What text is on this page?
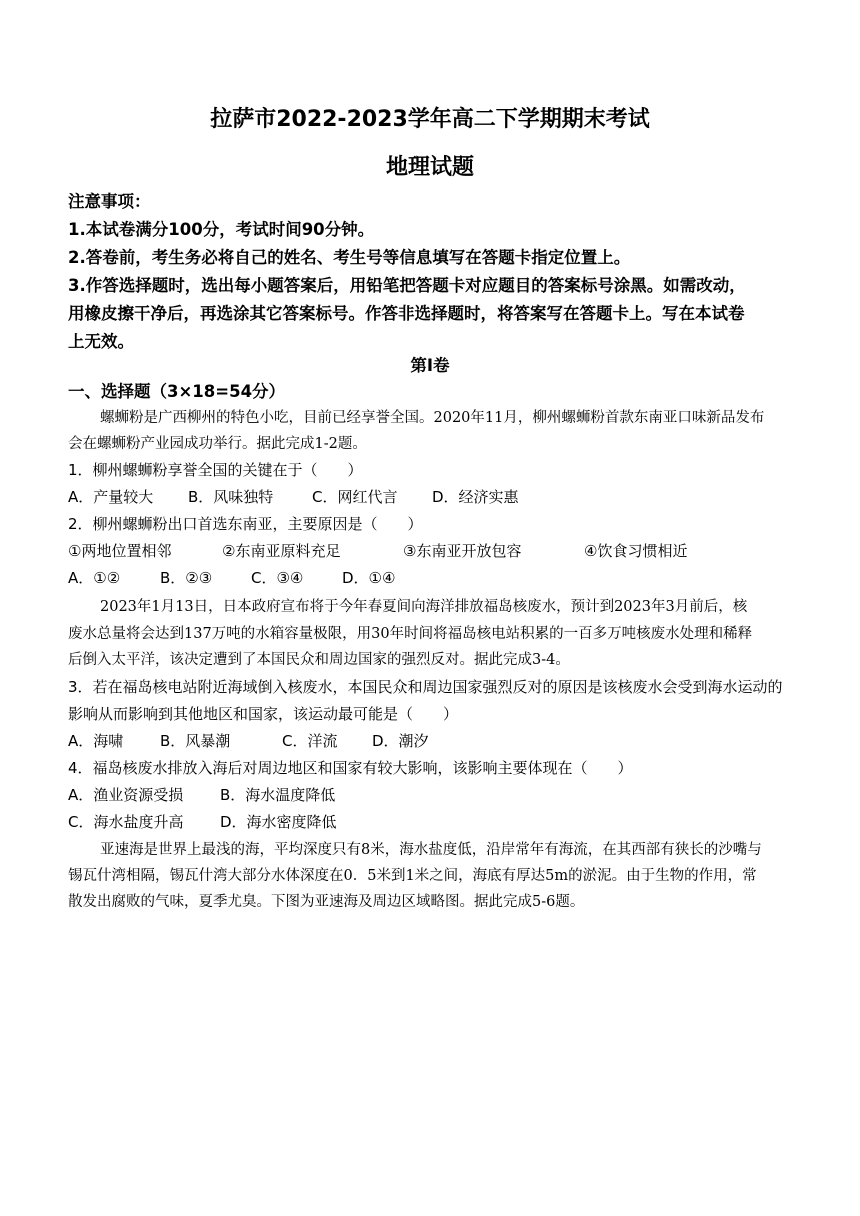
拉萨市2022-2023学年高二下学期期末考试
地理试题
注意事项：
1.本试卷满分100分，考试时间90分钟。
2.答卷前，考生务必将自己的姓名、考生号等信息填写在答题卡指定位置上。
3.作答选择题时，选出每小题答案后，用铅笔把答题卡对应题目的答案标号涂黑。如需改动，
用橡皮擦干净后，再选涂其它答案标号。作答非选择题时，将答案写在答题卡上。写在本试卷
上无效。
第Ⅰ卷
一、选择题（3×18=54分）
螺蛳粉是广西柳州的特色小吃，目前已经享誉全国。2020年11月，柳州螺蛳粉首款东南亚口味新品发布
会在螺蛳粉产业园成功举行。据此完成1-2题。
1．柳州螺蛳粉享誉全国的关键在于（　　）
A．产量较大 B．风味独特	C．网红代言 D．经济实惠
2．柳州螺蛳粉出口首选东南亚，主要原因是（　　）
①两地位置相邻	②东南亚原料充足	③东南亚开放包容	④饮食习惯相近
A．①②	B．②③	C．③④	D．①④
2023年1月13日，日本政府宣布将于今年春夏间向海洋排放福岛核废水，预计到2023年3月前后，核
废水总量将会达到137万吨的水箱容量极限，用30年时间将福岛核电站积累的一百多万吨核废水处理和稀释
后倒入太平洋，该决定遭到了本国民众和周边国家的强烈反对。据此完成3-4。
3．若在福岛核电站附近海域倒入核废水，本国民众和周边国家强烈反对的原因是该核废水会受到海水运动的
影响从而影响到其他地区和国家，该运动最可能是（　　）
A．海啸 B．风暴潮	C．洋流 D．潮汐
4．福岛核废水排放入海后对周边地区和国家有较大影响，该影响主要体现在（　　）
A．渔业资源受损 B．海水温度降低
C．海水盐度升高 D．海水密度降低
亚速海是世界上最浅的海，平均深度只有8米，海水盐度低，沿岸常年有海流，在其西部有狭长的沙嘴与
锡瓦什湾相隔，锡瓦什湾大部分水体深度在0．5米到1米之间，海底有厚达5m的淤泥。由于生物的作用，常
散发出腐败的气味，夏季尤臭。下图为亚速海及周边区域略图。据此完成5-6题。
